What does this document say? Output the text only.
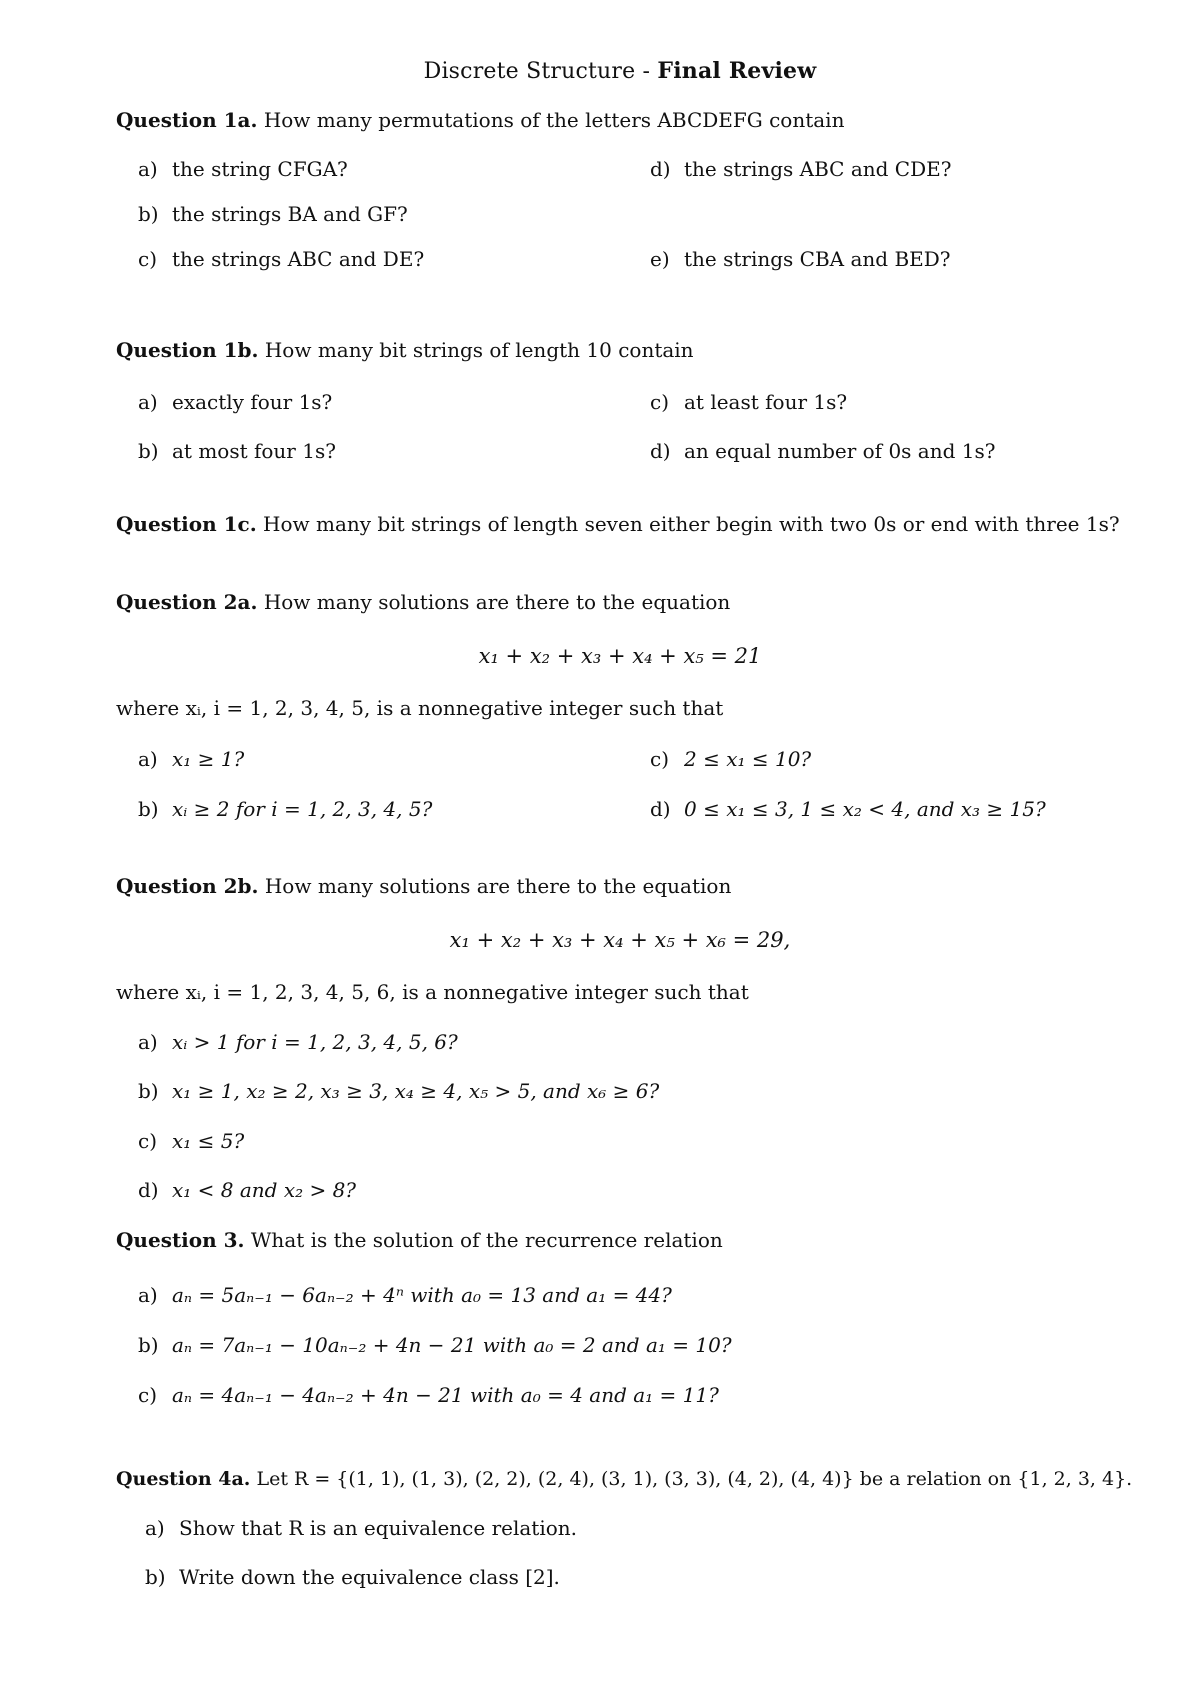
Discrete Structure - Final Review
Question 1a. How many permutations of the letters ABCDEFG contain
a) the string CFGA?	d) the strings ABC and CDE?
b) the strings BA and GF?
c) the strings ABC and DE?	e) the strings CBA and BED?
Question 1b. How many bit strings of length 10 contain
a) exactly four 1s?	c) at least four 1s?
b) at most four 1s?	d) an equal number of 0s and 1s?
Question 1c. How many bit strings of length seven either begin with two 0s or end with three 1s?
Question 2a. How many solutions are there to the equation
x₁ + x₂ + x₃ + x₄ + x₅ = 21
where xᵢ, i = 1, 2, 3, 4, 5, is a nonnegative integer such that
a) x₁ ≥ 1?	c) 2 ≤ x₁ ≤ 10?
b) xᵢ ≥ 2 for i = 1, 2, 3, 4, 5?	d) 0 ≤ x₁ ≤ 3, 1 ≤ x₂ < 4, and x₃ ≥ 15?
Question 2b. How many solutions are there to the equation
x₁ + x₂ + x₃ + x₄ + x₅ + x₆ = 29,
where xᵢ, i = 1, 2, 3, 4, 5, 6, is a nonnegative integer such that
a) xᵢ > 1 for i = 1, 2, 3, 4, 5, 6?
b) x₁ ≥ 1, x₂ ≥ 2, x₃ ≥ 3, x₄ ≥ 4, x₅ > 5, and x₆ ≥ 6?
c) x₁ ≤ 5?
d) x₁ < 8 and x₂ > 8?
Question 3. What is the solution of the recurrence relation
a) aₙ = 5aₙ₋₁ − 6aₙ₋₂ + 4ⁿ with a₀ = 13 and a₁ = 44?
b) aₙ = 7aₙ₋₁ − 10aₙ₋₂ + 4n − 21 with a₀ = 2 and a₁ = 10?
c) aₙ = 4aₙ₋₁ − 4aₙ₋₂ + 4n − 21 with a₀ = 4 and a₁ = 11?
Question 4a. Let R = {(1, 1), (1, 3), (2, 2), (2, 4), (3, 1), (3, 3), (4, 2), (4, 4)} be a relation on {1, 2, 3, 4}.
a) Show that R is an equivalence relation.
b) Write down the equivalence class [2].
